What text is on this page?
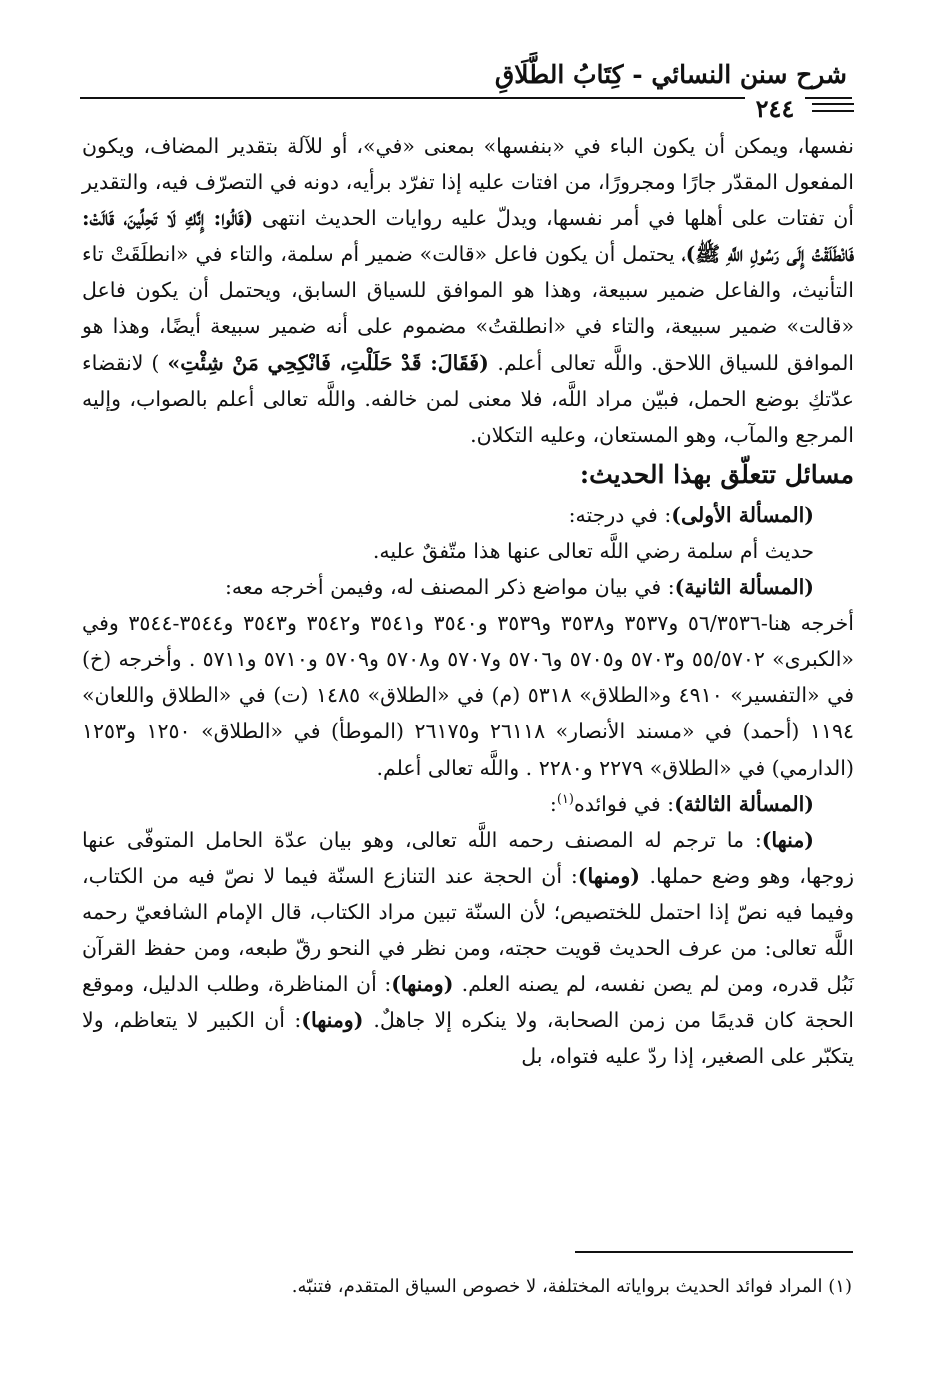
شرح سنن النسائي - كِتَابُ الطَّلَاقِ
٢٤٤

نفسها، ويمكن أن يكون الباء في «بنفسها» بمعنى «في»، أو للآلة بتقدير المضاف، ويكون المفعول المقدّر جارًا ومجرورًا، من افتات عليه إذا تفرّد برأيه، دونه في التصرّف فيه، والتقدير أن تفتات على أهلها في أمر نفسها، ويدلّ عليه روايات الحديث انتهى (قَالُوا: إِنَّكِ لَا تَحِلِّينَ، قَالَتْ: فَانْطَلَقْتُ إِلَى رَسُولِ اللَّهِ ﷺ)، يحتمل أن يكون فاعل «قالت» ضمير أم سلمة، والتاء في «انطلَقَتْ تاء التأنيث، والفاعل ضمير سبيعة، وهذا هو الموافق للسياق السابق، ويحتمل أن يكون فاعل «قالت» ضمير سبيعة، والتاء في «انطلقتُ» مضموم على أنه ضمير سبيعة أيضًا، وهذا هو الموافق للسياق اللاحق. واللَّه تعالى أعلم. (فَقَالَ: قَدْ حَلَلْتِ، فَانْكِحِي مَنْ شِئْتِ» ) لانقضاء عدّتكِ بوضع الحمل، فبيّن مراد اللَّه، فلا معنى لمن خالفه. واللَّه تعالى أعلم بالصواب، وإليه المرجع والمآب، وهو المستعان، وعليه التكلان.

مسائل تتعلّق بهذا الحديث:

(المسألة الأولى): في درجته:

حديث أم سلمة رضي اللَّه تعالى عنها هذا متّفقٌ عليه.

(المسألة الثانية): في بيان مواضع ذكر المصنف له، وفيمن أخرجه معه:

أخرجه هنا-٥٦/٣٥٣٦ و٣٥٣٧ و٣٥٣٨ و٣٥٣٩ و٣٥٤٠ و٣٥٤١ و٣٥٤٢ و٣٥٤٣ و٣٥٤٤-٣٥٤٤ وفي «الكبرى» ٥٥/٥٧٠٢ و٥٧٠٣ و٥٧٠٥ و٥٧٠٦ و٥٧٠٧ و٥٧٠٨ و٥٧٠٩ و٥٧١٠ و٥٧١١ . وأخرجه (خ) في «التفسير» ٤٩١٠ و«الطلاق» ٥٣١٨ (م) في «الطلاق» ١٤٨٥ (ت) في «الطلاق واللعان» ١١٩٤ (أحمد) في «مسند الأنصار» ٢٦١١٨ و٢٦١٧٥ (الموطأ) في «الطلاق» ١٢٥٠ و١٢٥٣ (الدارمي) في «الطلاق» ٢٢٧٩ و٢٢٨٠ . واللَّه تعالى أعلم.

(المسألة الثالثة): في فوائده$^{(١)}$:

(منها): ما ترجم له المصنف رحمه اللَّه تعالى، وهو بيان عدّة الحامل المتوفّى عنها زوجها، وهو وضع حملها. (ومنها): أن الحجة عند التنازع السنّة فيما لا نصّ فيه من الكتاب، وفيما فيه نصّ إذا احتمل للختصيص؛ لأن السنّة تبين مراد الكتاب، قال الإمام الشافعيّ رحمه اللَّه تعالى: من عرف الحديث قويت حجته، ومن نظر في النحو رقّ طبعه، ومن حفظ القرآن نَبُل قدره، ومن لم يصن نفسه، لم يصنه العلم. (ومنها): أن المناظرة، وطلب الدليل، وموقع الحجة كان قديمًا من زمن الصحابة، ولا ينكره إلا جاهلٌ. (ومنها): أن الكبير لا يتعاظم، ولا يتكبّر على الصغير، إذا ردّ عليه فتواه، بل

(١) المراد فوائد الحديث برواياته المختلفة، لا خصوص السياق المتقدم، فتنبّه.
